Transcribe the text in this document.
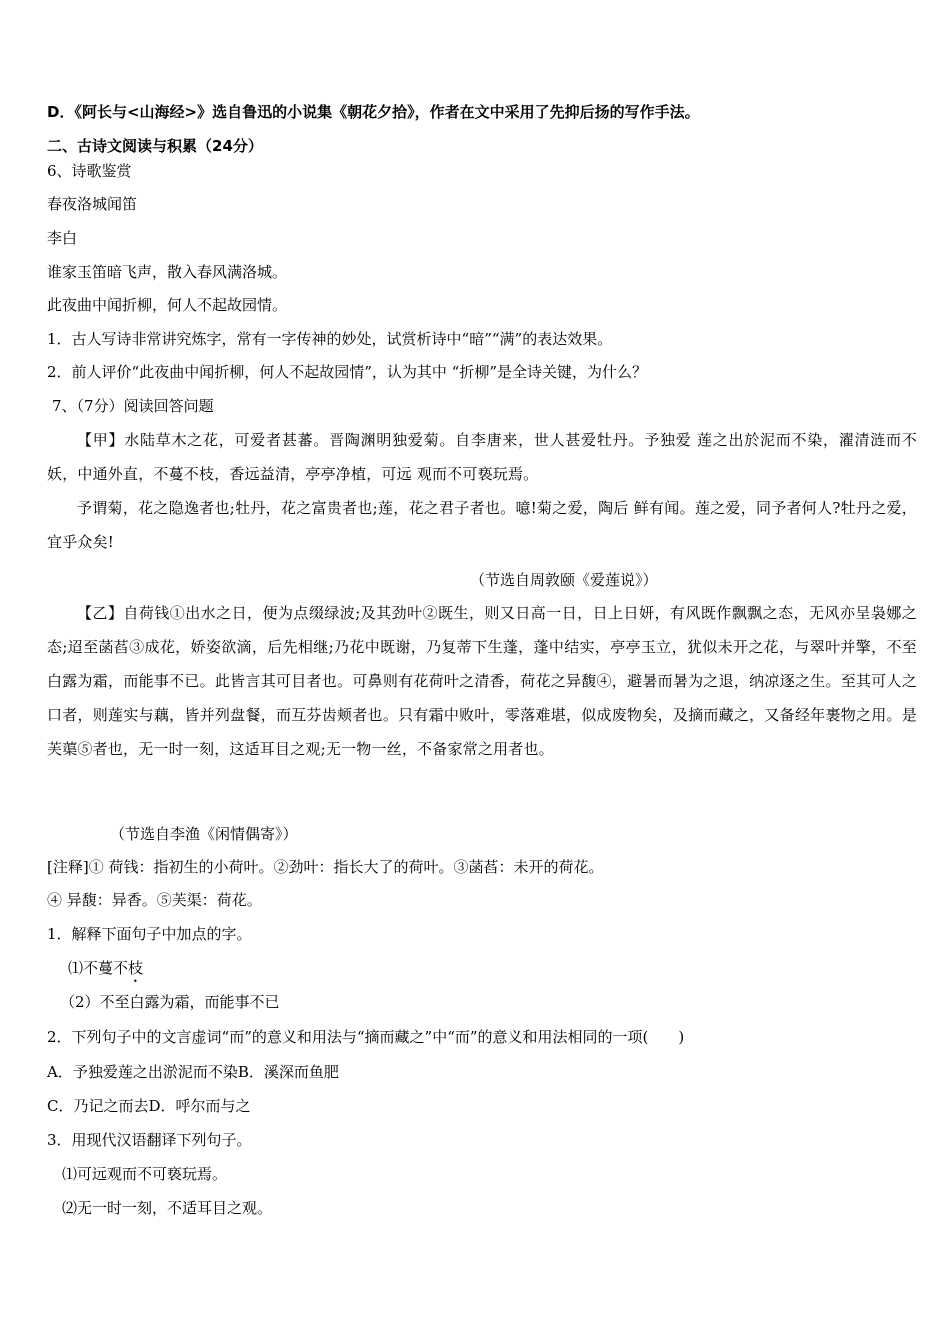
D．《阿长与<山海经>》选自鲁迅的小说集《朝花夕拾》，作者在文中采用了先抑后扬的写作手法。
二、古诗文阅读与积累（24分）
6、诗歌鉴赏
春夜洛城闻笛
李白
谁家玉笛暗飞声，散入春风满洛城。
此夜曲中闻折柳，何人不起故园情。
1．古人写诗非常讲究炼字，常有一字传神的妙处，试赏析诗中“暗”“满”的表达效果。
2．前人评价“此夜曲中闻折柳，何人不起故园情”，认为其中 “折柳”是全诗关键，为什么？
7、（7分）阅读回答问题
【甲】水陆草木之花，可爱者甚蕃。晋陶渊明独爱菊。自李唐来，世人甚爱牡丹。予独爱 莲之出於泥而不染，濯清涟而不妖，中通外直，不蔓不枝，香远益清，亭亭净植，可远 观而不可亵玩焉。
予谓菊，花之隐逸者也;牡丹，花之富贵者也;莲，花之君子者也。噫!菊之爱，陶后 鲜有闻。莲之爱，同予者何人?牡丹之爱，宜乎众矣!
（节选自周敦颐《爱莲说》）
【乙】自荷钱①出水之日，便为点缀绿波;及其劲叶②既生，则又日高一日，日上日妍，有风既作飘飘之态，无风亦呈袅娜之态;迢至菡萏③成花，娇姿欲滴，后先相继;乃花中既谢，乃复蒂下生蓬，蓬中结实，亭亭玉立，犹似未开之花，与翠叶并擎，不至白露为霜，而能事不已。此皆言其可目者也。可鼻则有花荷叶之清香，荷花之异馥④，避暑而暑为之退，纳凉逐之生。至其可人之口者，则莲实与藕，皆并列盘餐，而互芬齿颊者也。只有霜中败叶，零落难堪，似成废物矣，及摘而藏之，又备经年裹物之用。是芙蕖⑤者也，无一时一刻，这适耳目之观;无一物一丝，不备家常之用者也。
（节选自李渔《闲情偶寄》）
[注释]① 荷钱：指初生的小荷叶。②劲叶：指长大了的荷叶。③菡萏：未开的荷花。
④ 异馥：异香。⑤芙渠：荷花。
1．解释下面句子中加点的字。
⑴不蔓不枝
（2）不至白露为霜，而能事不已
2．下列句子中的文言虚词“而”的意义和用法与“摘而藏之”中“而”的意义和用法相同的一项(　　)
A．予独爱莲之出淤泥而不染B．溪深而鱼肥
C．乃记之而去D．呼尔而与之
3．用现代汉语翻译下列句子。
⑴可远观而不可亵玩焉。
⑵无一时一刻，不适耳目之观。
